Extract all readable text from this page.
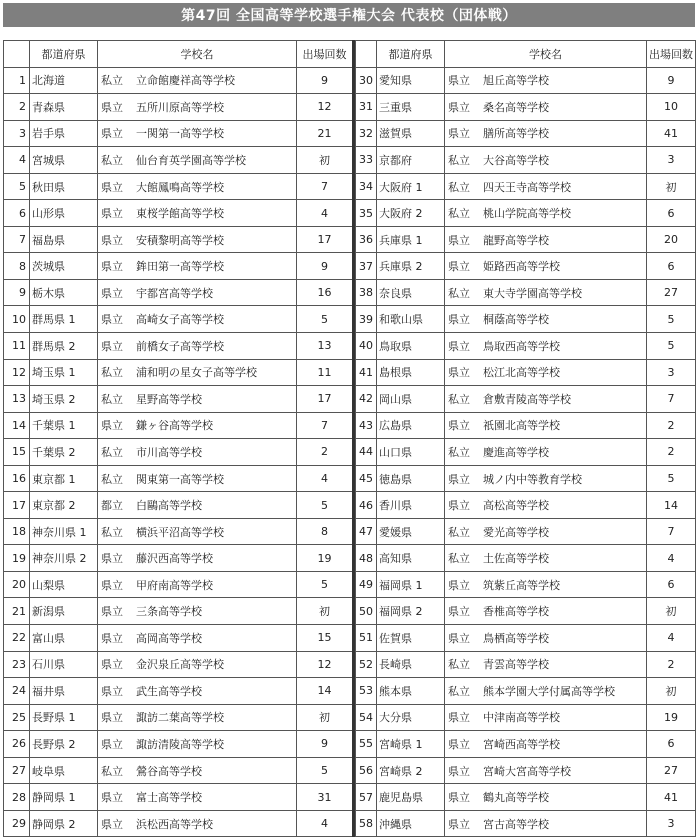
第47回 全国高等学校選手権大会 代表校（団体戦）
	都道府県	学校名	出場回数
1	北海道	私立 立命館慶祥高等学校	9
2	青森県	県立 五所川原高等学校	12
3	岩手県	県立 一関第一高等学校	21
4	宮城県	私立 仙台育英学園高等学校	初
5	秋田県	県立 大館鳳鳴高等学校	7
6	山形県	県立 東桜学館高等学校	4
7	福島県	県立 安積黎明高等学校	17
8	茨城県	県立 鉾田第一高等学校	9
9	栃木県	県立 宇都宮高等学校	16
10	群馬県 1	県立 高崎女子高等学校	5
11	群馬県 2	県立 前橋女子高等学校	13
12	埼玉県 1	私立 浦和明の星女子高等学校	11
13	埼玉県 2	私立 星野高等学校	17
14	千葉県 1	県立 鎌ヶ谷高等学校	7
15	千葉県 2	私立 市川高等学校	2
16	東京都 1	私立 関東第一高等学校	4
17	東京都 2	都立 白鷗高等学校	5
18	神奈川県 1	私立 横浜平沼高等学校	8
19	神奈川県 2	県立 藤沢西高等学校	19
20	山梨県	県立 甲府南高等学校	5
21	新潟県	県立 三条高等学校	初
22	富山県	県立 高岡高等学校	15
23	石川県	県立 金沢泉丘高等学校	12
24	福井県	県立 武生高等学校	14
25	長野県 1	県立 諏訪二葉高等学校	初
26	長野県 2	県立 諏訪清陵高等学校	9
27	岐阜県	私立 鶯谷高等学校	5
28	静岡県 1	県立 富士高等学校	31
29	静岡県 2	県立 浜松西高等学校	4
	都道府県	学校名	出場回数
30	愛知県	県立 旭丘高等学校	9
31	三重県	県立 桑名高等学校	10
32	滋賀県	県立 膳所高等学校	41
33	京都府	私立 大谷高等学校	3
34	大阪府 1	私立 四天王寺高等学校	初
35	大阪府 2	私立 桃山学院高等学校	6
36	兵庫県 1	県立 龍野高等学校	20
37	兵庫県 2	県立 姫路西高等学校	6
38	奈良県	私立 東大寺学園高等学校	27
39	和歌山県	県立 桐蔭高等学校	5
40	鳥取県	県立 鳥取西高等学校	5
41	島根県	県立 松江北高等学校	3
42	岡山県	私立 倉敷青陵高等学校	7
43	広島県	県立 祇園北高等学校	2
44	山口県	私立 慶進高等学校	2
45	徳島県	県立 城ノ内中等教育学校	5
46	香川県	県立 高松高等学校	14
47	愛媛県	私立 愛光高等学校	7
48	高知県	私立 土佐高等学校	4
49	福岡県 1	県立 筑紫丘高等学校	6
50	福岡県 2	県立 香椎高等学校	初
51	佐賀県	県立 鳥栖高等学校	4
52	長崎県	私立 青雲高等学校	2
53	熊本県	私立 熊本学園大学付属高等学校	初
54	大分県	県立 中津南高等学校	19
55	宮崎県 1	県立 宮崎西高等学校	6
56	宮崎県 2	県立 宮崎大宮高等学校	27
57	鹿児島県	県立 鶴丸高等学校	41
58	沖縄県	県立 宮古高等学校	3
